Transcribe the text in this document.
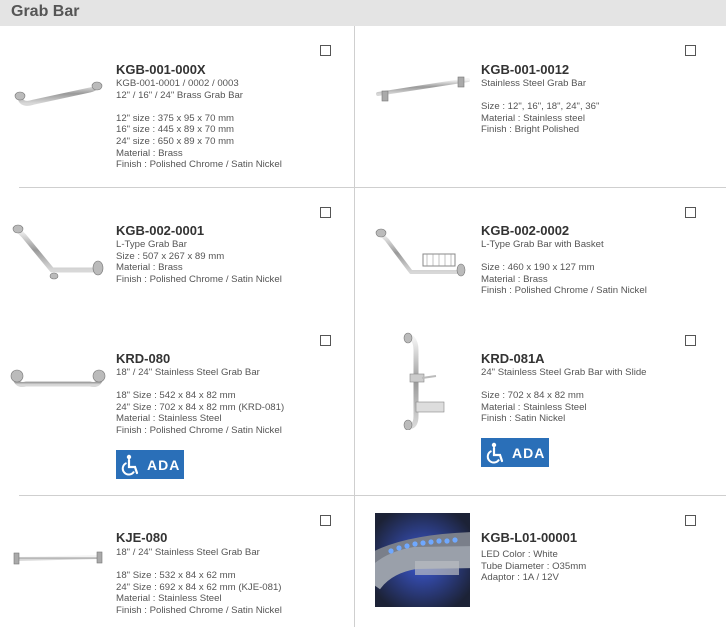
Grab Bar
KGB-001-000X
KGB-001-0001 / 0002 / 0003
12" / 16" / 24" Brass Grab Bar
12" size : 375 x 95 x 70 mm
16" size : 445 x 89 x 70 mm
24" size : 650 x 89 x 70 mm
Material : Brass
Finish : Polished Chrome / Satin Nickel
KGB-001-0012
Stainless Steel Grab Bar
Size : 12", 16", 18", 24", 36"
Material : Stainless steel
Finish : Bright Polished
KGB-002-0001
L-Type Grab Bar
Size : 507 x 267 x 89 mm
Material : Brass
Finish : Polished Chrome / Satin Nickel
KGB-002-0002
L-Type Grab Bar with Basket
Size : 460 x 190 x 127 mm
Material : Brass
Finish : Polished Chrome / Satin Nickel
KRD-080
18" / 24" Stainless Steel Grab Bar
18" Size : 542 x 84 x 82 mm
24" Size : 702 x 84 x 82 mm (KRD-081)
Material : Stainless Steel
Finish : Polished Chrome / Satin Nickel
ADA
KRD-081A
24" Stainless Steel Grab Bar with Slide
Size : 702 x 84 x 82 mm
Material : Stainless Steel
Finish : Satin Nickel
ADA
KJE-080
18" / 24" Stainless Steel Grab Bar
18" Size : 532 x 84 x 62 mm
24" Size : 692 x 84 x 62 mm (KJE-081)
Material : Stainless Steel
Finish : Polished Chrome / Satin Nickel
KGB-L01-00001
LED Color : White
Tube Diameter : O35mm
Adaptor : 1A / 12V
